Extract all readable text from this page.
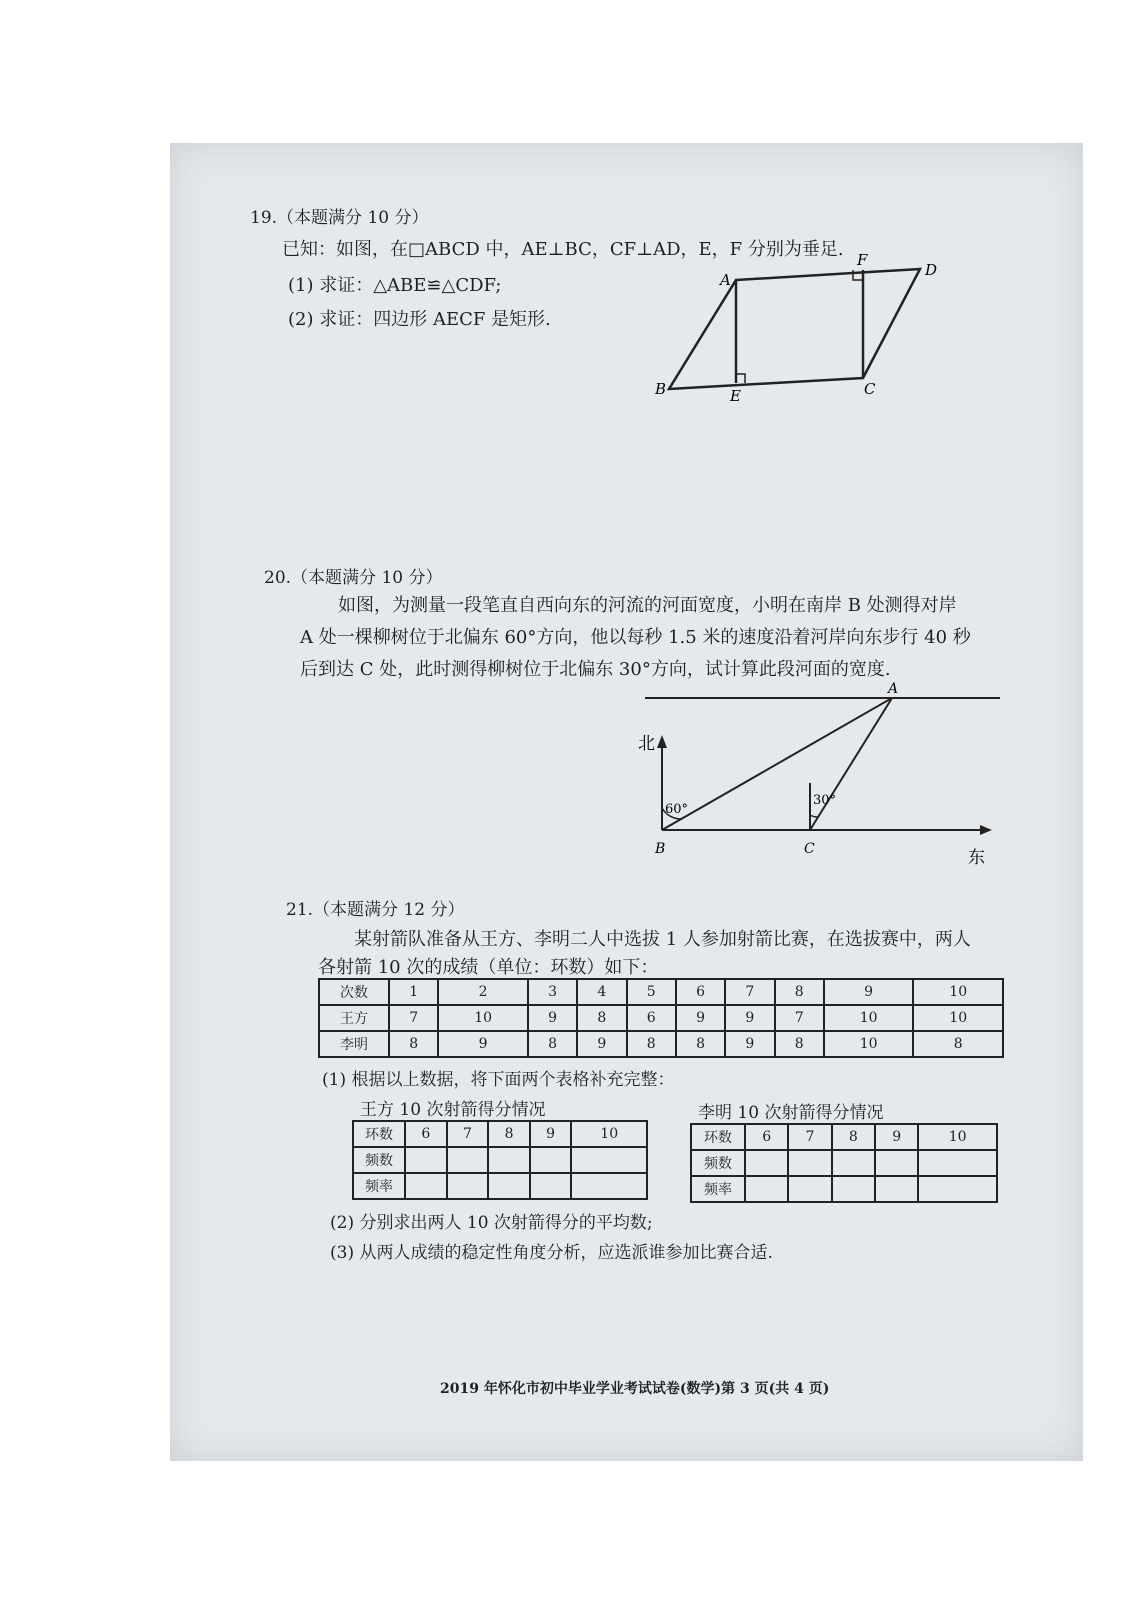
19.（本题满分 10 分）
已知：如图，在□ABCD 中，AE⊥BC，CF⊥AD，E，F 分别为垂足.
(1) 求证：△ABE≌△CDF;
(2) 求证：四边形 AECF 是矩形.
A
D
F
B	E	C
20.（本题满分 10 分）
如图，为测量一段笔直自西向东的河流的河面宽度，小明在南岸 B 处测得对岸
A 处一棵柳树位于北偏东 60°方向，他以每秒 1.5 米的速度沿着河岸向东步行 40 秒
后到达 C 处，此时测得柳树位于北偏东 30°方向，试计算此段河面的宽度.
北
东
A
B	C
60°
30°
21.（本题满分 12 分）
某射箭队准备从王方、李明二人中选拔 1 人参加射箭比赛，在选拔赛中，两人
各射箭 10 次的成绩（单位：环数）如下：
次数	1	2	3	4	5	6	7	8	9	10
王方	7	10	9	8	6	9	9	7	10	10
李明	8	9	8	9	8	8	9	8	10	8
(1) 根据以上数据，将下面两个表格补充完整：
王方 10 次射箭得分情况
环数	6	7	8	9	10
频数					
频率					
李明 10 次射箭得分情况
环数	6	7	8	9	10
频数					
频率					
(2) 分别求出两人 10 次射箭得分的平均数;
(3) 从两人成绩的稳定性角度分析，应选派谁参加比赛合适.
2019 年怀化市初中毕业学业考试试卷(数学)第 3 页(共 4 页)
